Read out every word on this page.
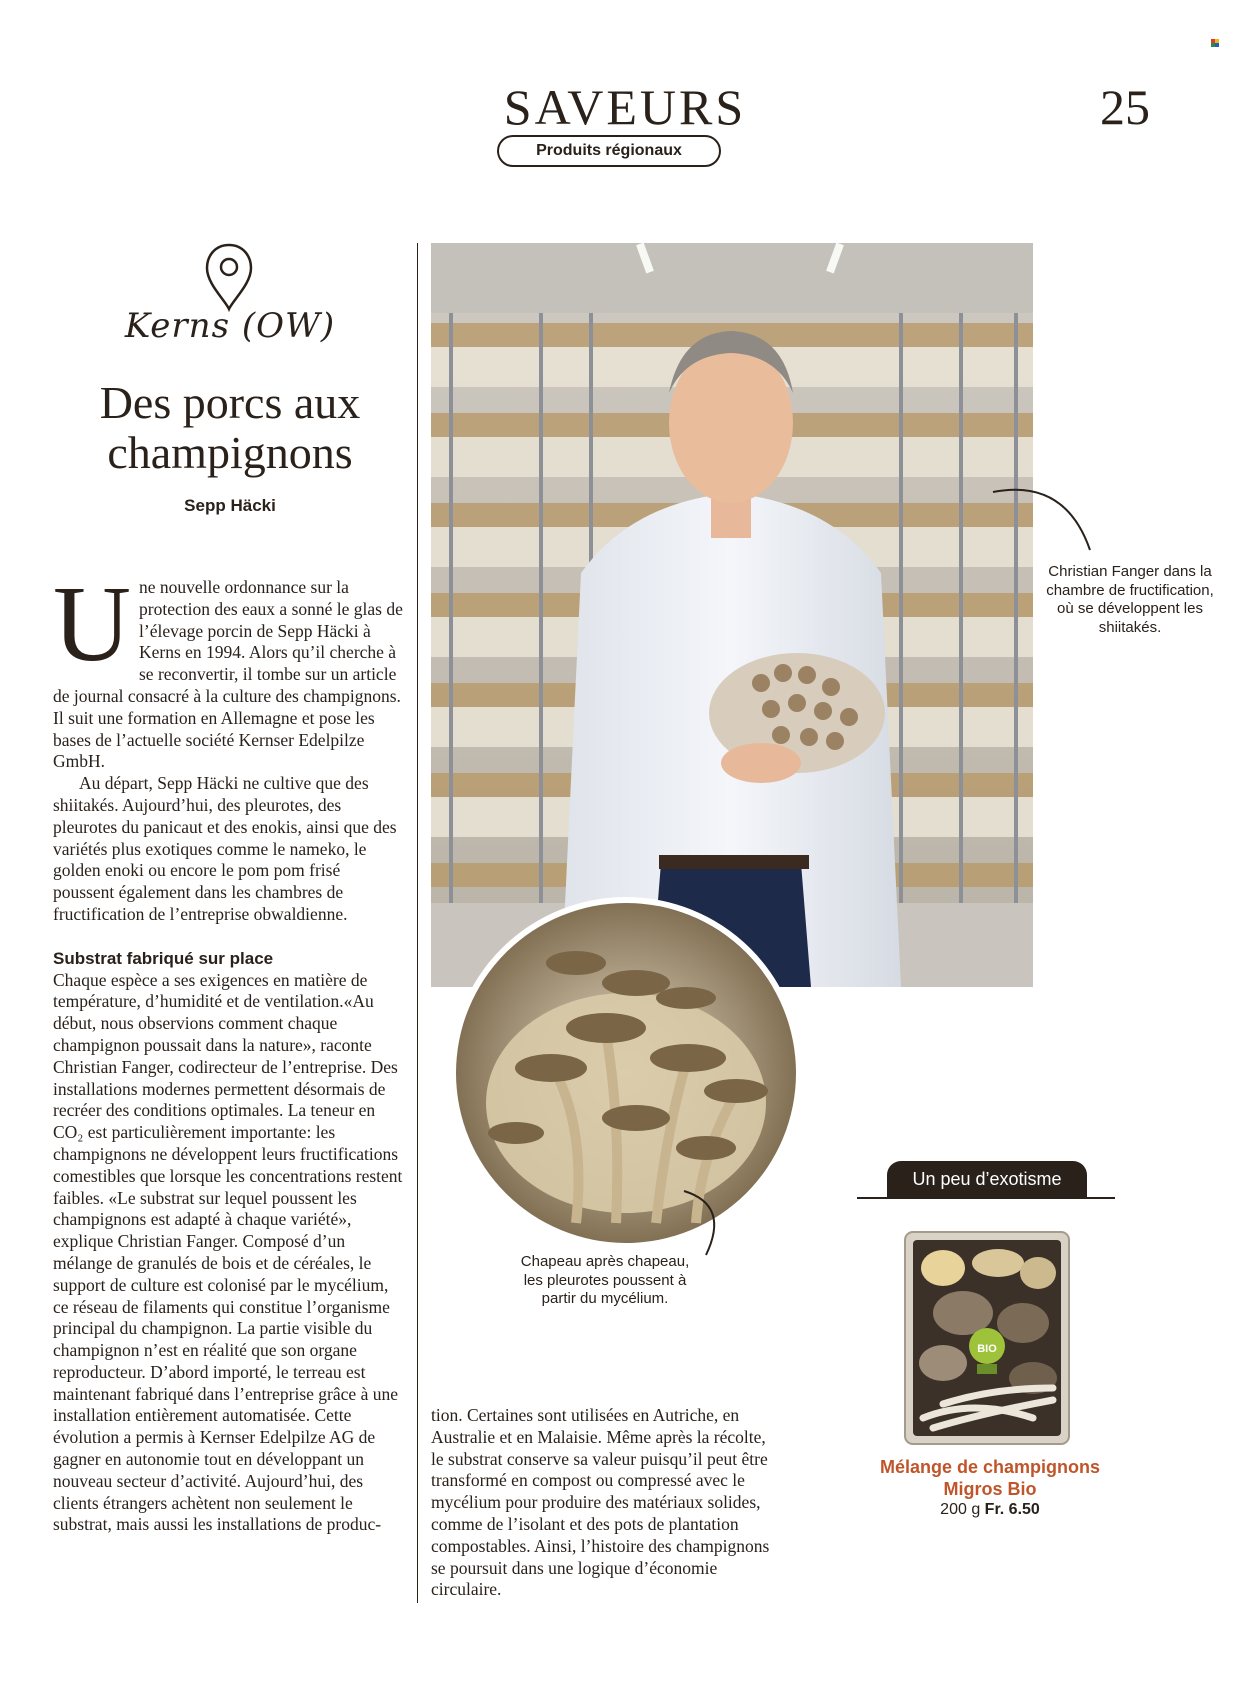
SAVEURS	25
Produits régionaux
Kerns (OW)
Des porcs aux
champignons
Sepp Häcki

Une nouvelle ordonnance sur la protection des eaux a sonné le glas de l’élevage porcin de Sepp Häcki à Kerns en 1994. Alors qu’il cherche à se reconvertir, il tombe sur un article de journal consacré à la culture des champignons. Il suit une formation en Allemagne et pose les bases de l’actuelle société Kernser Edelpilze GmbH.

Au départ, Sepp Häcki ne cultive que des shiitakés. Aujourd’hui, des pleurotes, des pleurotes du panicaut et des enokis, ainsi que des variétés plus exotiques comme le nameko, le golden enoki ou encore le pom pom frisé poussent également dans les chambres de fructification de l’entreprise obwaldienne.

Substrat fabriqué sur place

Chaque espèce a ses exigences en matière de température, d’humidité et de ventilation.«Au début, nous observions comment chaque champignon poussait dans la nature», raconte Christian Fanger, codirecteur de l’entreprise. Des installations modernes permettent désormais de recréer des conditions optimales. La teneur en CO₂ est particulièrement importante: les champignons ne développent leurs fructifications comestibles que lorsque les concentrations restent faibles. «Le substrat sur lequel poussent les champignons est adapté à chaque variété», explique Christian Fanger. Composé d’un mélange de granulés de bois et de céréales, le support de culture est colonisé par le mycélium, ce réseau de filaments qui constitue l’organisme principal du champignon. La partie visible du champignon n’est en réalité que son organe reproducteur. D’abord importé, le terreau est maintenant fabriqué dans l’entreprise grâce à une installation entièrement automatisée. Cette évolution a permis à Kernser Edelpilze AG de gagner en autonomie tout en développant un nouveau secteur d’activité. Aujourd’hui, des clients étrangers achètent non seulement le substrat, mais aussi les installations de produc-

Christian Fanger dans la chambre de fructification, où se développent les shiitakés.
Chapeau après chapeau, les pleurotes poussent à partir du mycélium.
tion. Certaines sont utilisées en Autriche, en Australie et en Malaisie. Même après la récolte, le substrat conserve sa valeur puisqu’il peut être transformé en compost ou compressé avec le mycélium pour produire des matériaux solides, comme de l’isolant et des pots de plantation compostables. Ainsi, l’histoire des champignons se poursuit dans une logique d’économie circulaire.
Un peu d’exotisme
BIO
Mélange de champignons
Migros Bio
200 g Fr. 6.50
